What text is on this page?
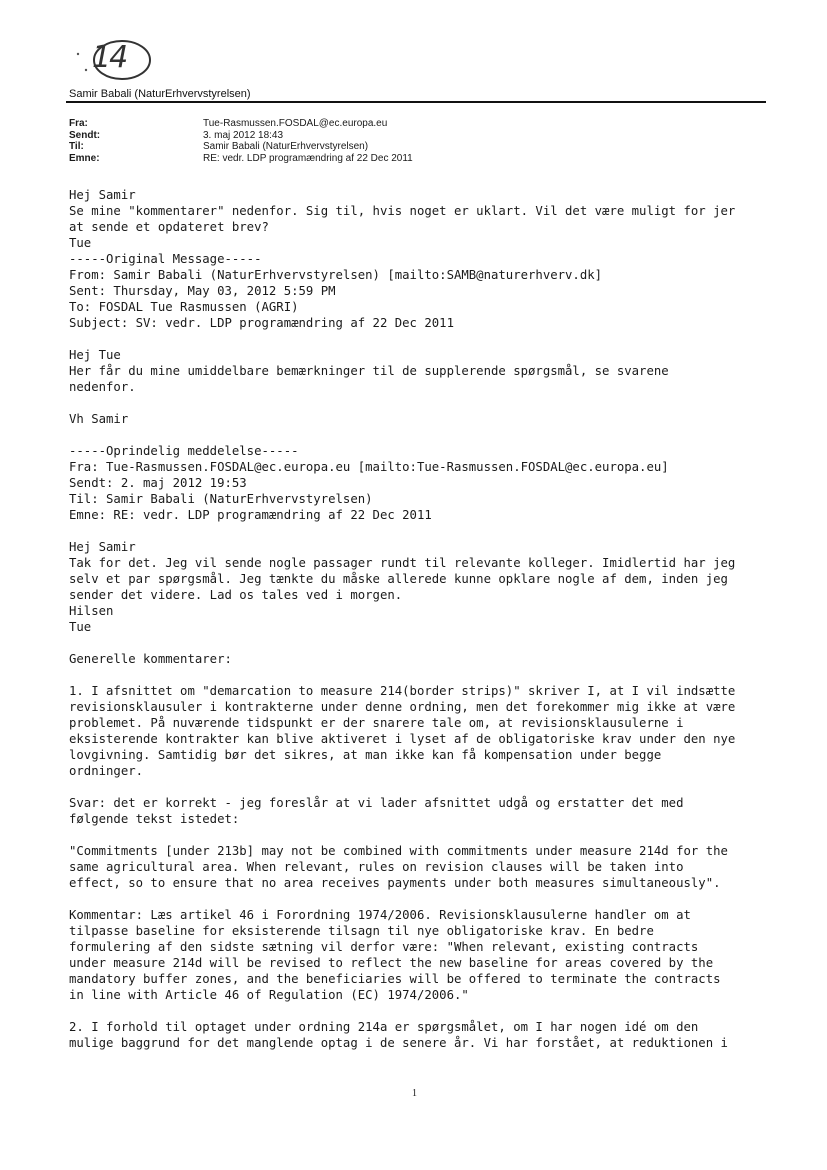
14
Samir Babali (NaturErhvervstyrelsen)
Fra:	Tue-Rasmussen.FOSDAL@ec.europa.eu
Sendt:	3. maj 2012 18:43
Til:	Samir Babali (NaturErhvervstyrelsen)
Emne:	RE: vedr. LDP programændring af 22 Dec 2011
Hej Samir
Se mine "kommentarer" nedenfor. Sig til, hvis noget er uklart. Vil det være muligt for jer
at sende et opdateret brev?
Tue
-----Original Message-----
From: Samir Babali (NaturErhvervstyrelsen) [mailto:SAMB@naturerhverv.dk]
Sent: Thursday, May 03, 2012 5:59 PM
To: FOSDAL Tue Rasmussen (AGRI)
Subject: SV: vedr. LDP programændring af 22 Dec 2011
Hej Tue
Her får du mine umiddelbare bemærkninger til de supplerende spørgsmål, se svarene
nedenfor.
Vh Samir
-----Oprindelig meddelelse-----
Fra: Tue-Rasmussen.FOSDAL@ec.europa.eu [mailto:Tue-Rasmussen.FOSDAL@ec.europa.eu]
Sendt: 2. maj 2012 19:53
Til: Samir Babali (NaturErhvervstyrelsen)
Emne: RE: vedr. LDP programændring af 22 Dec 2011
Hej Samir
Tak for det. Jeg vil sende nogle passager rundt til relevante kolleger. Imidlertid har jeg
selv et par spørgsmål. Jeg tænkte du måske allerede kunne opklare nogle af dem, inden jeg
sender det videre. Lad os tales ved i morgen.
Hilsen
Tue
Generelle kommentarer:
1. I afsnittet om "demarcation to measure 214(border strips)" skriver I, at I vil indsætte
revisionsklausuler i kontrakterne under denne ordning, men det forekommer mig ikke at være
problemet. På nuværende tidspunkt er der snarere tale om, at revisionsklausulerne i
eksisterende kontrakter kan blive aktiveret i lyset af de obligatoriske krav under den nye
lovgivning. Samtidig bør det sikres, at man ikke kan få kompensation under begge
ordninger.
Svar: det er korrekt - jeg foreslår at vi lader afsnittet udgå og erstatter det med
følgende tekst istedet:
"Commitments [under 213b] may not be combined with commitments under measure 214d for the
same agricultural area. When relevant, rules on revision clauses will be taken into
effect, so to ensure that no area receives payments under both measures simultaneously".
Kommentar: Læs artikel 46 i Forordning 1974/2006. Revisionsklausulerne handler om at
tilpasse baseline for eksisterende tilsagn til nye obligatoriske krav. En bedre
formulering af den sidste sætning vil derfor være: "When relevant, existing contracts
under measure 214d will be revised to reflect the new baseline for areas covered by the
mandatory buffer zones, and the beneficiaries will be offered to terminate the contracts
in line with Article 46 of Regulation (EC) 1974/2006."
2. I forhold til optaget under ordning 214a er spørgsmålet, om I har nogen idé om den
mulige baggrund for det manglende optag i de senere år. Vi har forstået, at reduktionen i
1
